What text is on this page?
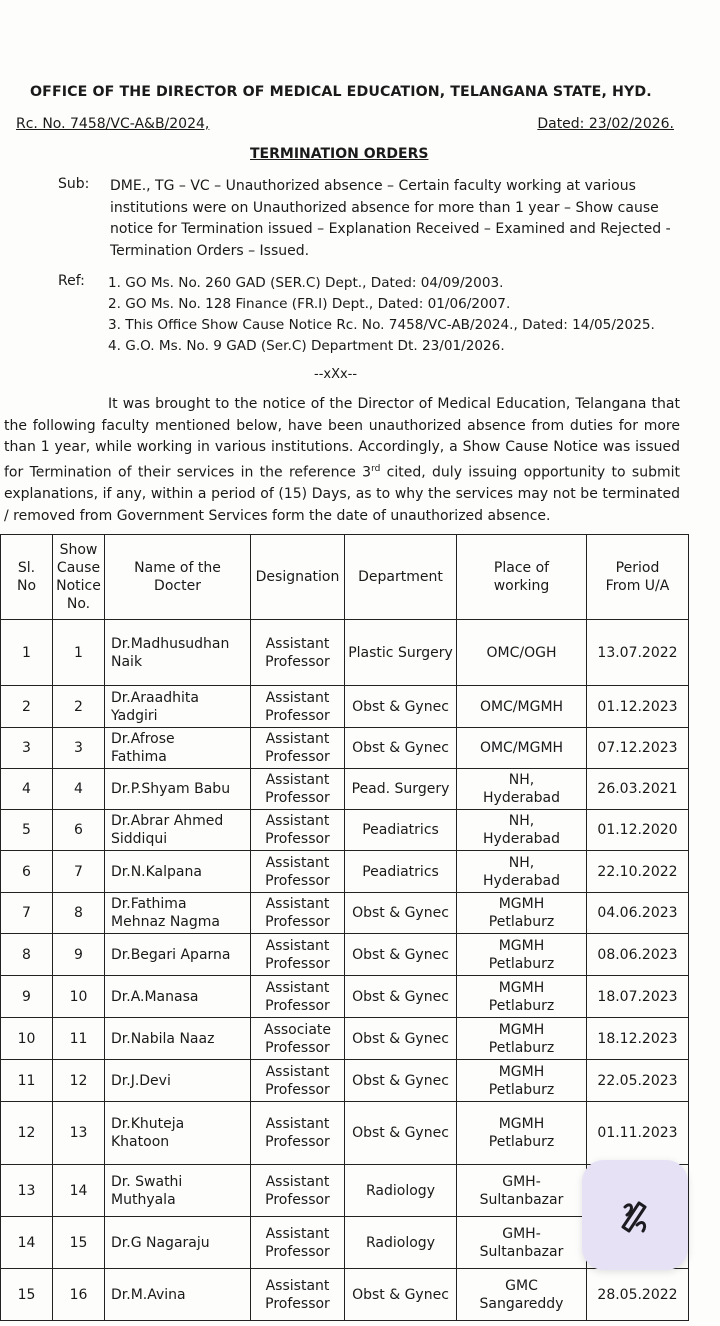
OFFICE OF THE DIRECTOR OF MEDICAL EDUCATION, TELANGANA STATE, HYD.
Rc. No. 7458/VC-A&B/2024,	Dated: 23/02/2026.
TERMINATION ORDERS
Sub: DME., TG – VC – Unauthorized absence – Certain faculty working at various institutions were on Unauthorized absence for more than 1 year – Show cause notice for Termination issued – Explanation Received – Examined and Rejected - Termination Orders – Issued.
Ref: 1. GO Ms. No. 260 GAD (SER.C) Dept., Dated: 04/09/2003.
2. GO Ms. No. 128 Finance (FR.I) Dept., Dated: 01/06/2007.
3. This Office Show Cause Notice Rc. No. 7458/VC-AB/2024., Dated: 14/05/2025.
4. G.O. Ms. No. 9 GAD (Ser.C) Department Dt. 23/01/2026.
--xXx--
It was brought to the notice of the Director of Medical Education, Telangana that the following faculty mentioned below, have been unauthorized absence from duties for more than 1 year, while working in various institutions. Accordingly, a Show Cause Notice was issued for Termination of their services in the reference 3rd cited, duly issuing opportunity to submit explanations, if any, within a period of (15) Days, as to why the services may not be terminated / removed from Government Services form the date of unauthorized absence.
Sl.
No	Show
Cause
Notice
No.	Name of the
Docter	Designation	Department	Place of
working	Period
From U/A
1	1	Dr.Madhusudhan
Naik	Assistant
Professor	Plastic Surgery	OMC/OGH	13.07.2022
2	2	Dr.Araadhita
Yadgiri	Assistant
Professor	Obst & Gynec	OMC/MGMH	01.12.2023
3	3	Dr.Afrose
Fathima	Assistant
Professor	Obst & Gynec	OMC/MGMH	07.12.2023
4	4	Dr.P.Shyam Babu	Assistant
Professor	Pead. Surgery	NH,
Hyderabad	26.03.2021
5	6	Dr.Abrar Ahmed
Siddiqui	Assistant
Professor	Peadiatrics	NH,
Hyderabad	01.12.2020
6	7	Dr.N.Kalpana	Assistant
Professor	Peadiatrics	NH,
Hyderabad	22.10.2022
7	8	Dr.Fathima
Mehnaz Nagma	Assistant
Professor	Obst & Gynec	MGMH
Petlaburz	04.06.2023
8	9	Dr.Begari Aparna	Assistant
Professor	Obst & Gynec	MGMH
Petlaburz	08.06.2023
9	10	Dr.A.Manasa	Assistant
Professor	Obst & Gynec	MGMH
Petlaburz	18.07.2023
10	11	Dr.Nabila Naaz	Associate
Professor	Obst & Gynec	MGMH
Petlaburz	18.12.2023
11	12	Dr.J.Devi	Assistant
Professor	Obst & Gynec	MGMH
Petlaburz	22.05.2023
12	13	Dr.Khuteja
Khatoon	Assistant
Professor	Obst & Gynec	MGMH
Petlaburz	01.11.2023
13	14	Dr. Swathi
Muthyala	Assistant
Professor	Radiology	GMH-
Sultanbazar	
14	15	Dr.G Nagaraju	Assistant
Professor	Radiology	GMH-
Sultanbazar	
15	16	Dr.M.Avina	Assistant
Professor	Obst & Gynec	GMC
Sangareddy	28.05.2022
